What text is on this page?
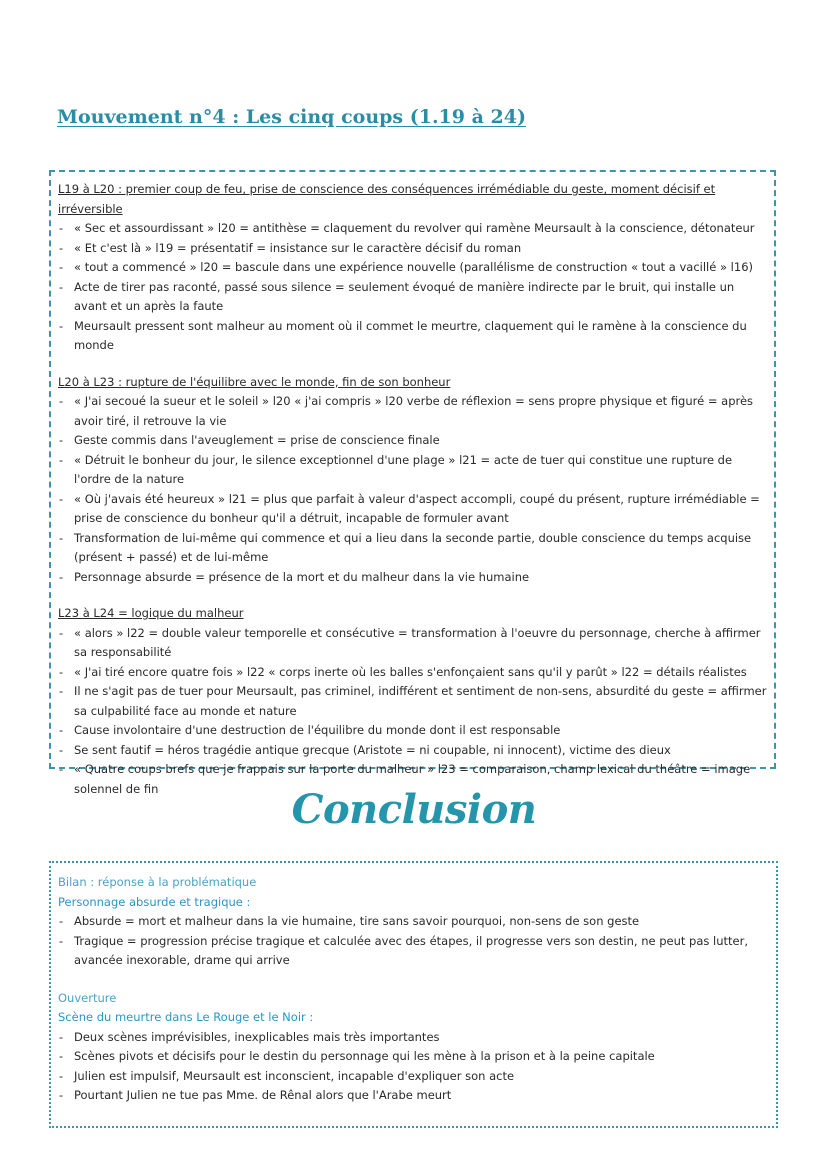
Mouvement n°4 : Les cinq coups (1.19 à 24)
L19 à L20 : premier coup de feu, prise de conscience des conséquences irrémédiable du geste, moment décisif et irréversible
- « Sec et assourdissant » l20 = antithèse = claquement du revolver qui ramène Meursault à la conscience, détonateur
- « Et c'est là » l19 = présentatif = insistance sur le caractère décisif du roman
- « tout a commencé » l20 = bascule dans une expérience nouvelle (parallélisme de construction « tout a vacillé » l16)
- Acte de tirer pas raconté, passé sous silence = seulement évoqué de manière indirecte par le bruit, qui installe un avant et un après la faute
- Meursault pressent sont malheur au moment où il commet le meurtre, claquement qui le ramène à la conscience du monde
L20 à L23 : rupture de l'équilibre avec le monde, fin de son bonheur
- « J'ai secoué la sueur et le soleil » l20 « j'ai compris » l20 verbe de réflexion = sens propre physique et figuré = après avoir tiré, il retrouve la vie
- Geste commis dans l'aveuglement = prise de conscience finale
- « Détruit le bonheur du jour, le silence exceptionnel d'une plage » l21 = acte de tuer qui constitue une rupture de l'ordre de la nature
- « Où j'avais été heureux » l21 = plus que parfait à valeur d'aspect accompli, coupé du présent, rupture irrémédiable = prise de conscience du bonheur qu'il a détruit, incapable de formuler avant
- Transformation de lui-même qui commence et qui a lieu dans la seconde partie, double conscience du temps acquise (présent + passé) et de lui-même
- Personnage absurde = présence de la mort et du malheur dans la vie humaine
L23 à L24 = logique du malheur
- « alors » l22 = double valeur temporelle et consécutive = transformation à l'oeuvre du personnage, cherche à affirmer sa responsabilité
- « J'ai tiré encore quatre fois » l22 « corps inerte où les balles s'enfonçaient sans qu'il y parût » l22 = détails réalistes
- Il ne s'agit pas de tuer pour Meursault, pas criminel, indifférent et sentiment de non-sens, absurdité du geste = affirmer sa culpabilité face au monde et nature
- Cause involontaire d'une destruction de l'équilibre du monde dont il est responsable
- Se sent fautif = héros tragédie antique grecque (Aristote = ni coupable, ni innocent), victime des dieux
- « Quatre coups brefs que je frappais sur la porte du malheur » l23 = comparaison, champ lexical du théâtre = image solennel de fin	Conclusion
Bilan : réponse à la problématique
Personnage absurde et tragique :
- Absurde = mort et malheur dans la vie humaine, tire sans savoir pourquoi, non-sens de son geste
- Tragique = progression précise tragique et calculée avec des étapes, il progresse vers son destin, ne peut pas lutter, avancée inexorable, drame qui arrive
Ouverture
Scène du meurtre dans Le Rouge et le Noir :
- Deux scènes imprévisibles, inexplicables mais très importantes
- Scènes pivots et décisifs pour le destin du personnage qui les mène à la prison et à la peine capitale
- Julien est impulsif, Meursault est inconscient, incapable d'expliquer son acte
- Pourtant Julien ne tue pas Mme. de Rênal alors que l'Arabe meurt
